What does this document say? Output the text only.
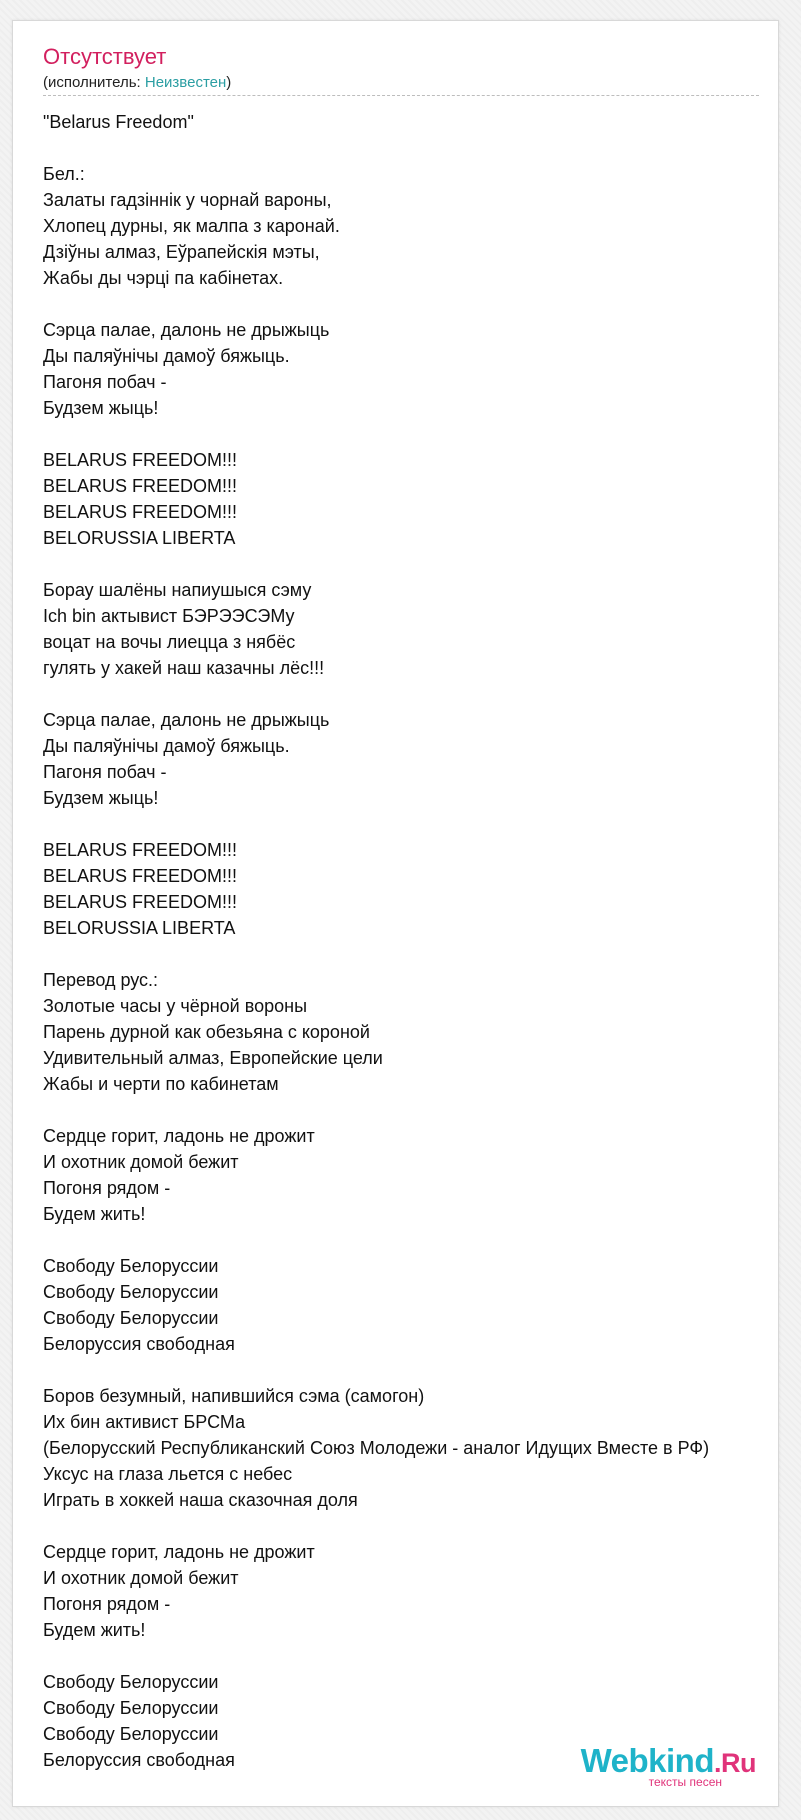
Отсутствует
(исполнитель: Неизвестен)
"Belarus Freedom"
Бел.:
Залаты гадзіннік у чорнай вароны,
Хлопец дурны, як малпа з каронай.
Дзіўны алмаз, Еўрапейскія мэты,
Жабы ды чэрці па кабінетах.
Сэрца палае, далонь не дрыжыць
Ды паляўнічы дамоў бяжыць.
Пагоня побач -
Будзем жыць!
BELARUS FREEDOM!!!
BELARUS FREEDOM!!!
BELARUS FREEDOM!!!
BELORUSSIA LIBERTA
Борау шалёны напиушыся сэму
Ich bin актывист БЭРЭЭСЭМу
воцат на вочы лиецца з нябёс
гулять у хакей наш казачны лёс!!!
Сэрца палае, далонь не дрыжыць
Ды паляўнічы дамоў бяжыць.
Пагоня побач -
Будзем жыць!
BELARUS FREEDOM!!!
BELARUS FREEDOM!!!
BELARUS FREEDOM!!!
BELORUSSIA LIBERTA
Перевод рус.:
Золотые часы у чёрной вороны
Парень дурной как обезьяна с короной
Удивительный алмаз, Европейские цели
Жабы и черти по кабинетам
Сердце горит, ладонь не дрожит
И охотник домой бежит
Погоня рядом -
Будем жить!
Свободу Белоруссии
Свободу Белоруссии
Свободу Белоруссии
Белоруссия свободная
Боров безумный, напившийся сэма (самогон)
Их бин активист БРСМа
(Белорусский Республиканский Союз Молодежи - аналог Идущих Вместе в РФ)
Уксус на глаза льется с небес
Играть в хоккей наша сказочная доля
Сердце горит, ладонь не дрожит
И охотник домой бежит
Погоня рядом -
Будем жить!
Свободу Белоруссии
Свободу Белоруссии
Свободу Белоруссии
Белоруссия свободная	Webkind.Ru
тексты песен
